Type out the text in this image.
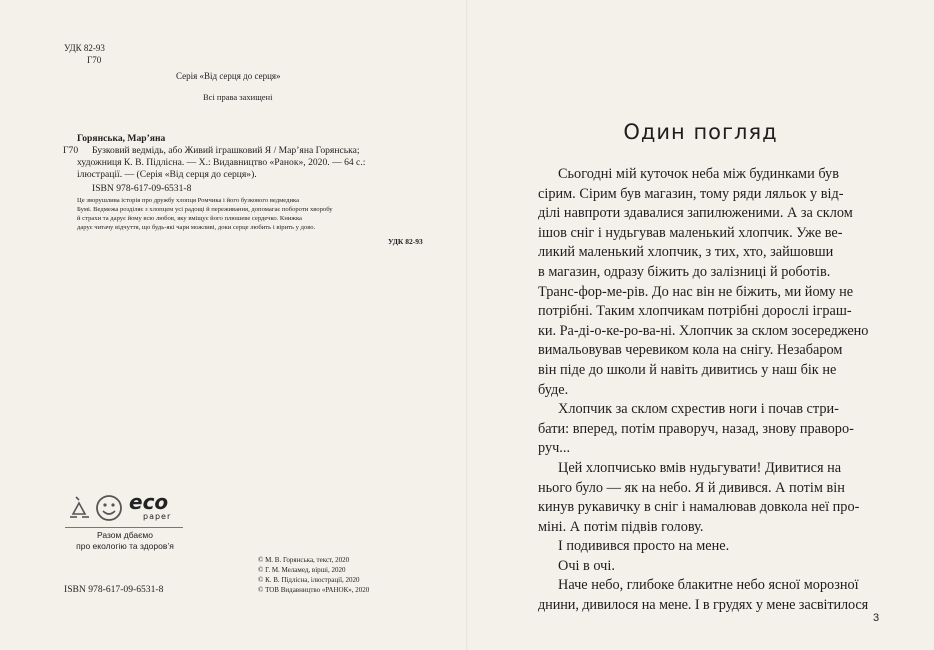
УДК 82-93
Г70
Серія «Від серця до серця»
Всі права захищені
Горянська, Мар’яна
Г70 Бузковий ведмідь, або Живий іграшковий Я / Мар’яна Горянська;
художниця К. В. Підлісна. — Х.: Видавництво «Ранок», 2020. — 64 с.:
ілюстрації. — (Серія «Від серця до серця»).
ISBN 978-617-09-6531-8
Це зворушлива історія про дружбу хлопця Ромчика і його бузкового ведмедика
Бумі. Ведмежа розділяє з хлопцем усі радощі й переживання, допомагає побороти хворобу
й страхи та дарує йому всю любов, яку вміщує його плюшеве сердечко. Книжка
дарує читачу відчуття, що будь-які чари можливі, доки серце любить і вірить у дово.
УДК 82-93
eco
paper
Разом дбаємо
про екологію та здоров’я
© М. В. Горянська, текст, 2020
© Г. М. Меламед, вірші, 2020
© К. В. Підлісна, ілюстрації, 2020
© ТОВ Видавництво «РАНОК», 2020
ISBN 978-617-09-6531-8
Один погляд

Сьогодні мій куточок неба між будинками був
сірим. Сірим був магазин, тому ряди ляльок у від-
ділі навпроти здавалися запилюженими. А за склом
ішов сніг і нудьгував маленький хлопчик. Уже ве-
ликий маленький хлопчик, з тих, хто, зайшовши
в магазин, одразу біжить до залізниці й роботів.
Транс-фор-ме-рів. До нас він не біжить, ми йому не
потрібні. Таким хлопчикам потрібні дорослі іграш-
ки. Ра-ді-о-ке-ро-ва-ні. Хлопчик за склом зосереджено
вимальовував черевиком кола на снігу. Незабаром
він піде до школи й навіть дивитись у наш бік не
буде.

Хлопчик за склом схрестив ноги і почав стри-
бати: вперед, потім праворуч, назад, знову праворо-
руч...

Цей хлопчисько вмів нудьгувати! Дивитися на
нього було — як на небо. Я й дивився. А потім він
кинув рукавичку в сніг і намалював довкола неї про-
міні. А потім підвів голову.

І подивився просто на мене.

Очі в очі.

Наче небо, глибоке блакитне небо ясної морозної
днини, дивилося на мене. І в грудях у мене засвітилося

3
